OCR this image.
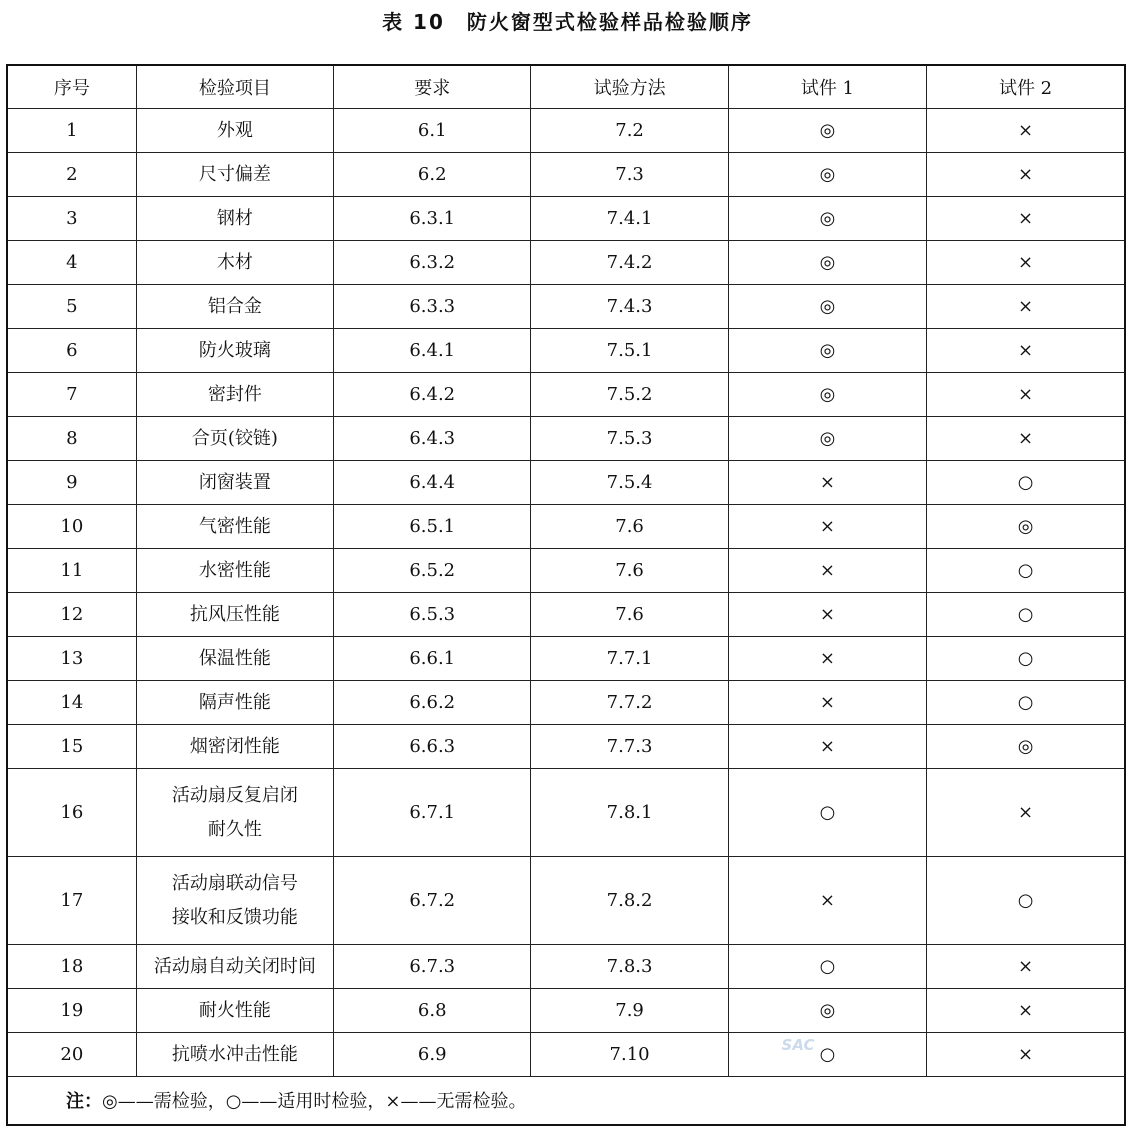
表 10 防火窗型式检验样品检验顺序
序号	检验项目	要求	试验方法	试件 1	试件 2
1	外观	6.1	7.2	◎	×
2	尺寸偏差	6.2	7.3	◎	×
3	钢材	6.3.1	7.4.1	◎	×
4	木材	6.3.2	7.4.2	◎	×
5	铝合金	6.3.3	7.4.3	◎	×
6	防火玻璃	6.4.1	7.5.1	◎	×
7	密封件	6.4.2	7.5.2	◎	×
8	合页(铰链)	6.4.3	7.5.3	◎	×
9	闭窗装置	6.4.4	7.5.4	×	○
10	气密性能	6.5.1	7.6	×	◎
11	水密性能	6.5.2	7.6	×	○
12	抗风压性能	6.5.3	7.6	×	○
13	保温性能	6.6.1	7.7.1	×	○
14	隔声性能	6.6.2	7.7.2	×	○
15	烟密闭性能	6.6.3	7.7.3	×	◎
16	活动扇反复启闭
耐久性	6.7.1	7.8.1	○	×
17	活动扇联动信号
接收和反馈功能	6.7.2	7.8.2	×	○
18	活动扇自动关闭时间	6.7.3	7.8.3	○	×
19	耐火性能	6.8	7.9	◎	×
20	抗喷水冲击性能	6.9	7.10	○	×
注：◎——需检验，○——适用时检验，×——无需检验。					
SAC
